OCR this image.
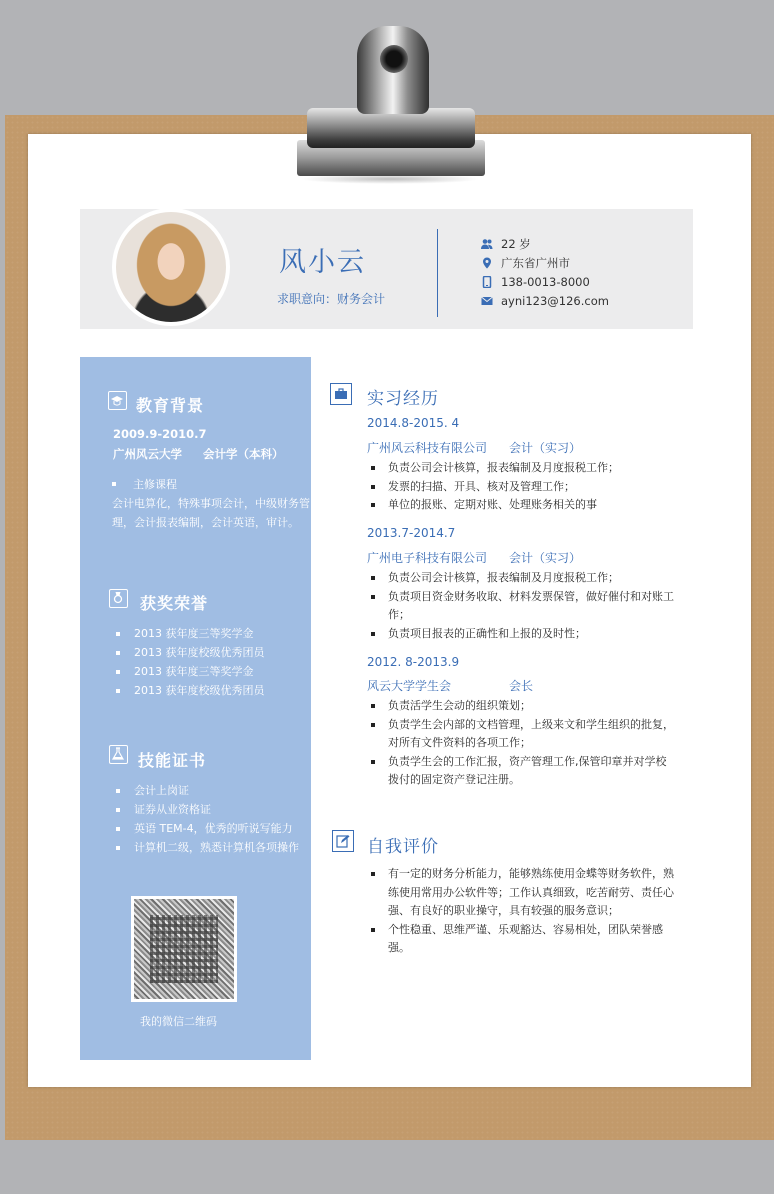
风小云
求职意向：财务会计
22 岁
广东省广州市
138-0013-8000
ayni123@126.com
教育背景
2009.9-2010.7
广州风云大学 会计学（本科）
主修课程
会计电算化，特殊事项会计，中级财务管
理，会计报表编制，会计英语，审计。
获奖荣誉
2013 获年度三等奖学金
2013 获年度校级优秀团员
2013 获年度三等奖学金
2013 获年度校级优秀团员
技能证书
会计上岗证
证券从业资格证
英语 TEM-4，优秀的听说写能力
计算机二级，熟悉计算机各项操作
我的微信二维码
实习经历
2014.8-2015. 4
广州风云科技有限公司 会计（实习）
负责公司会计核算，报表编制及月度报税工作；
发票的扫描、开具、核对及管理工作；
单位的报账、定期对账、处理账务相关的事
2013.7-2014.7
广州电子科技有限公司 会计（实习）
负责公司会计核算，报表编制及月度报税工作；
负责项目资金财务收取、材料发票保管，做好催付和对账工作；
负责项目报表的正确性和上报的及时性；
2012. 8-2013.9
风云大学学生会	会长
负责活学生会动的组织策划；
负责学生会内部的文档管理，上级来文和学生组织的批复，对所有文件资料的各项工作；
负责学生会的工作汇报，资产管理工作,保管印章并对学校拨付的固定资产登记注册。
自我评价
有一定的财务分析能力，能够熟练使用金蝶等财务软件，熟练使用常用办公软件等；工作认真细致，吃苦耐劳、责任心强、有良好的职业操守，具有较强的服务意识；
个性稳重、思维严谨、乐观豁达、容易相处，团队荣誉感强。
